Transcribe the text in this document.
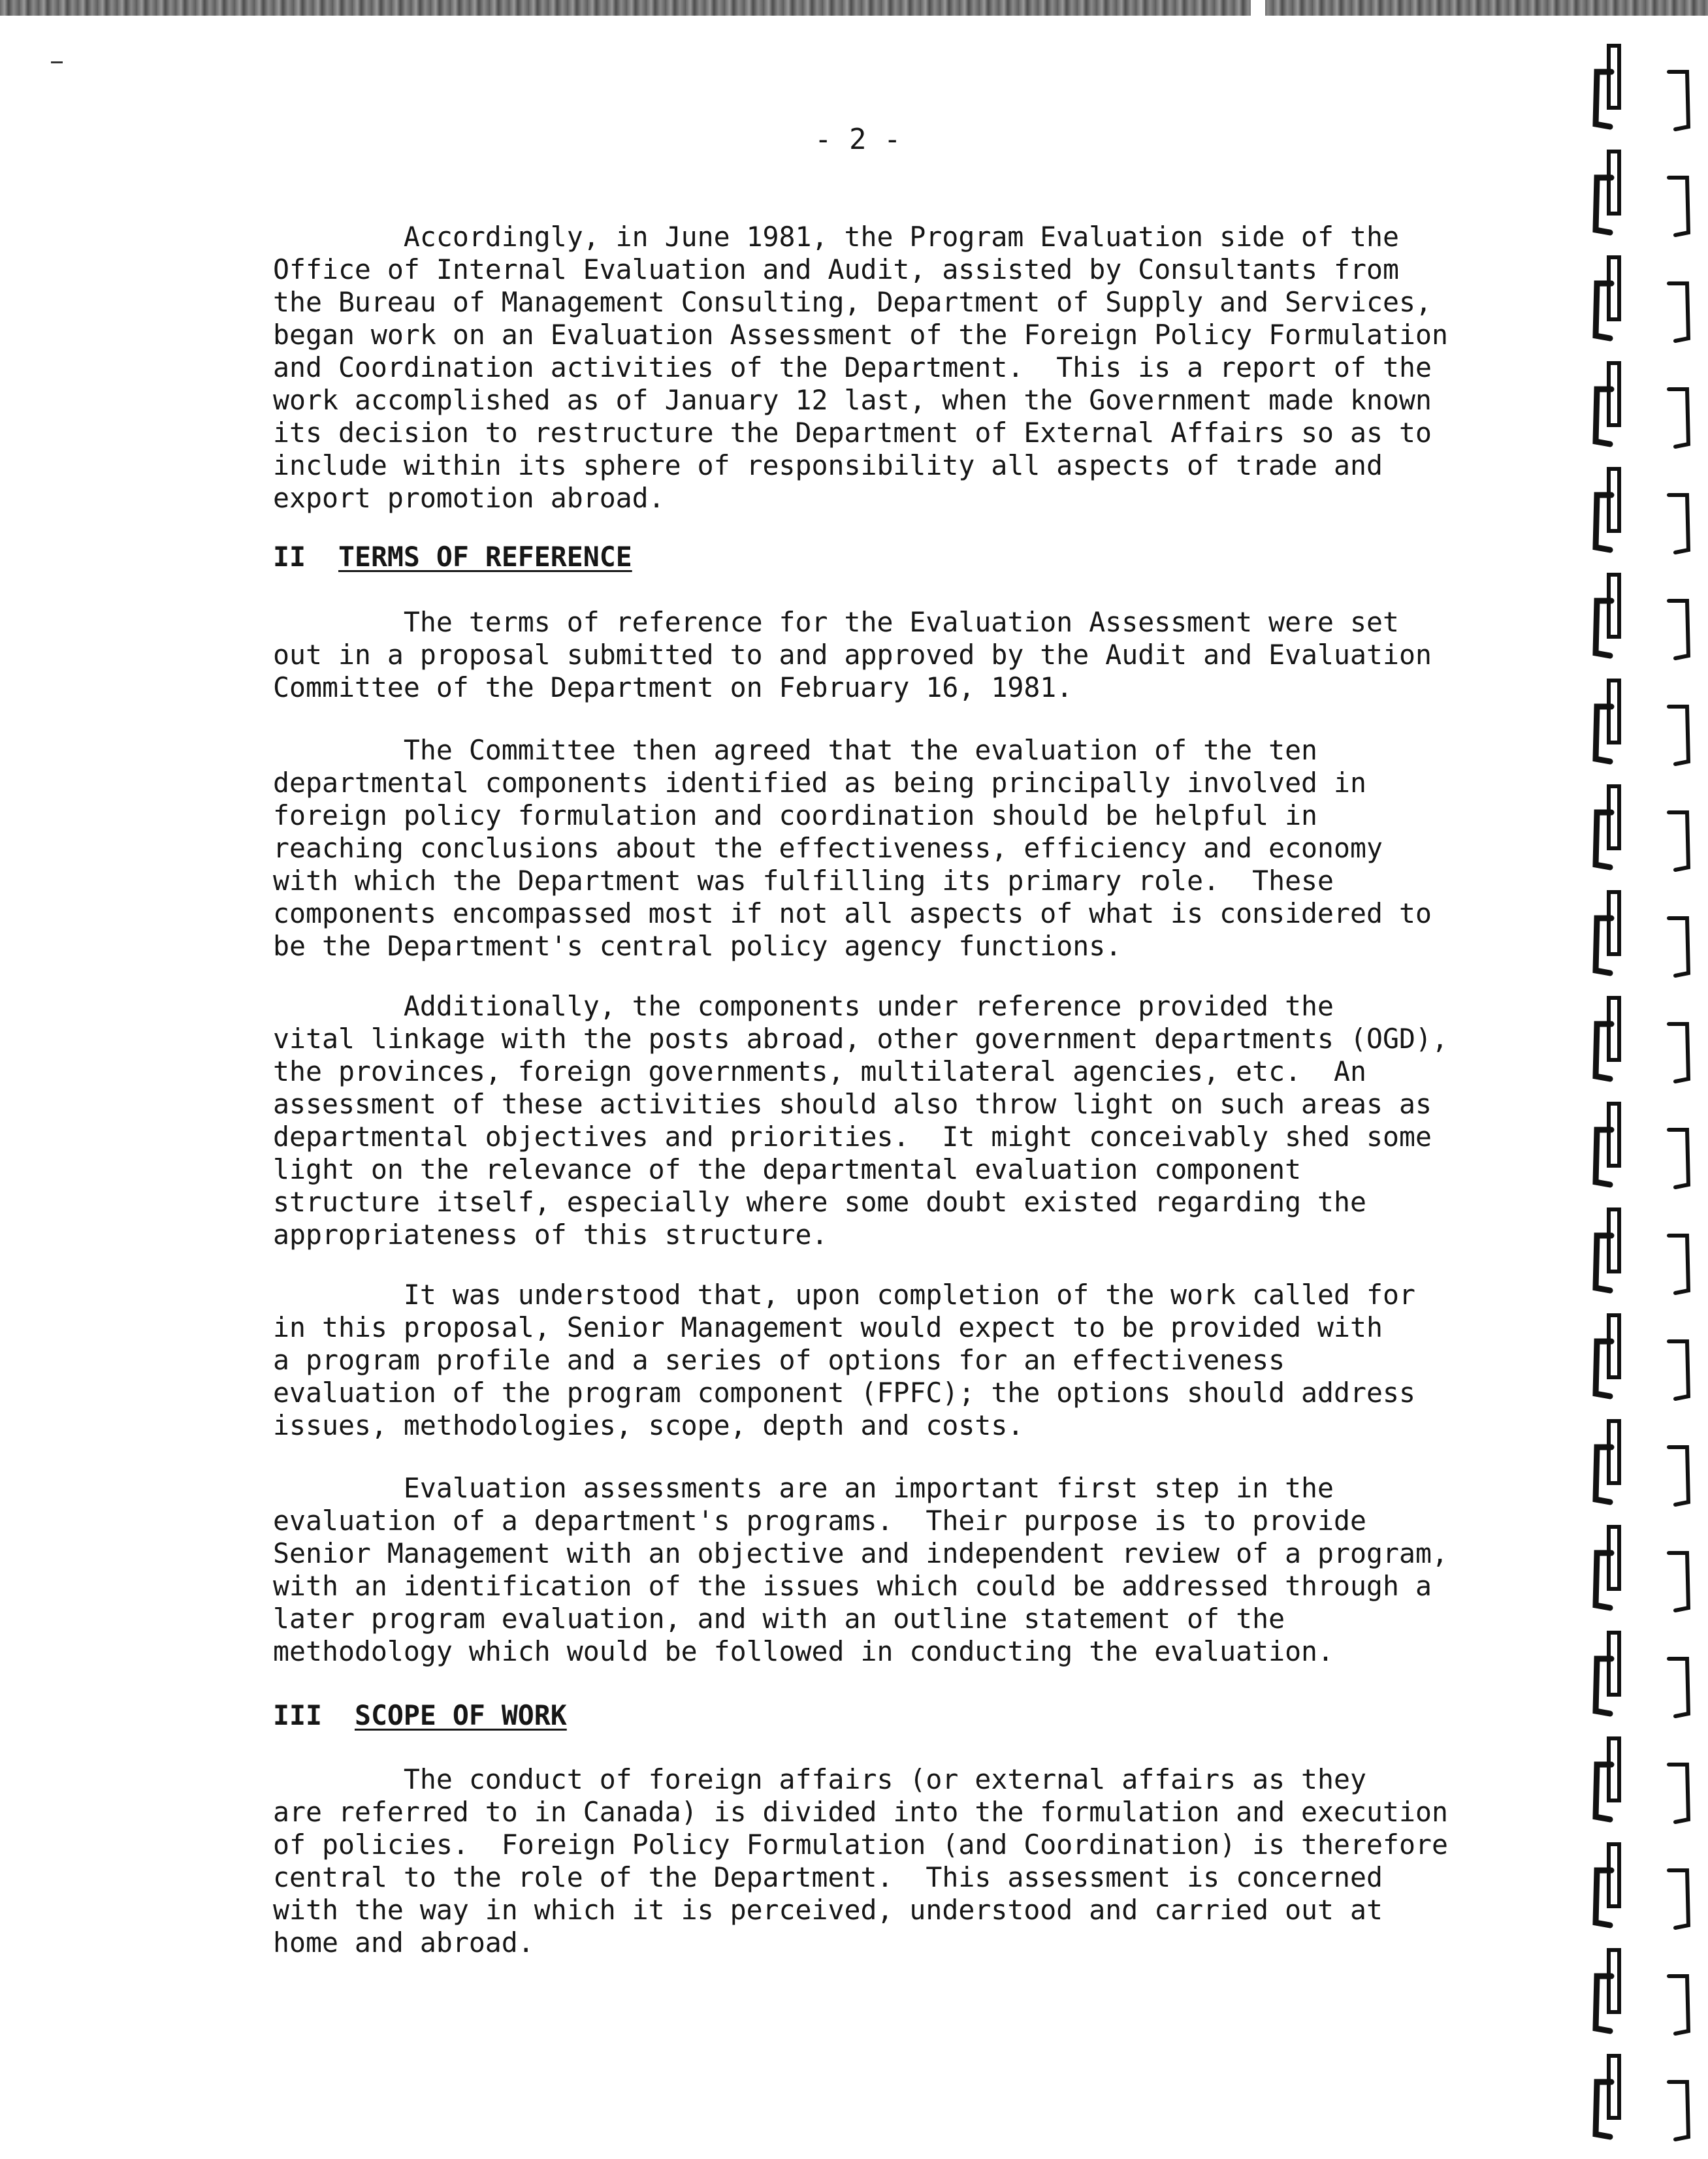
- 2 -

Accordingly, in June 1981, the Program Evaluation side of the
Office of Internal Evaluation and Audit, assisted by Consultants from
the Bureau of Management Consulting, Department of Supply and Services,
began work on an Evaluation Assessment of the Foreign Policy Formulation
and Coordination activities of the Department.  This is a report of the
work accomplished as of January 12 last, when the Government made known
its decision to restructure the Department of External Affairs so as to
include within its sphere of responsibility all aspects of trade and
export promotion abroad.

II TERMS OF REFERENCE

The terms of reference for the Evaluation Assessment were set
out in a proposal submitted to and approved by the Audit and Evaluation
Committee of the Department on February 16, 1981.

The Committee then agreed that the evaluation of the ten
departmental components identified as being principally involved in
foreign policy formulation and coordination should be helpful in
reaching conclusions about the effectiveness, efficiency and economy
with which the Department was fulfilling its primary role.  These
components encompassed most if not all aspects of what is considered to
be the Department's central policy agency functions.

Additionally, the components under reference provided the
vital linkage with the posts abroad, other government departments (OGD),
the provinces, foreign governments, multilateral agencies, etc.  An
assessment of these activities should also throw light on such areas as
departmental objectives and priorities.  It might conceivably shed some
light on the relevance of the departmental evaluation component
structure itself, especially where some doubt existed regarding the
appropriateness of this structure.

It was understood that, upon completion of the work called for
in this proposal, Senior Management would expect to be provided with
a program profile and a series of options for an effectiveness
evaluation of the program component (FPFC); the options should address
issues, methodologies, scope, depth and costs.

Evaluation assessments are an important first step in the
evaluation of a department's programs.  Their purpose is to provide
Senior Management with an objective and independent review of a program,
with an identification of the issues which could be addressed through a
later program evaluation, and with an outline statement of the
methodology which would be followed in conducting the evaluation.

III SCOPE OF WORK

The conduct of foreign affairs (or external affairs as they
are referred to in Canada) is divided into the formulation and execution
of policies.  Foreign Policy Formulation (and Coordination) is therefore
central to the role of the Department.  This assessment is concerned
with the way in which it is perceived, understood and carried out at
home and abroad.
